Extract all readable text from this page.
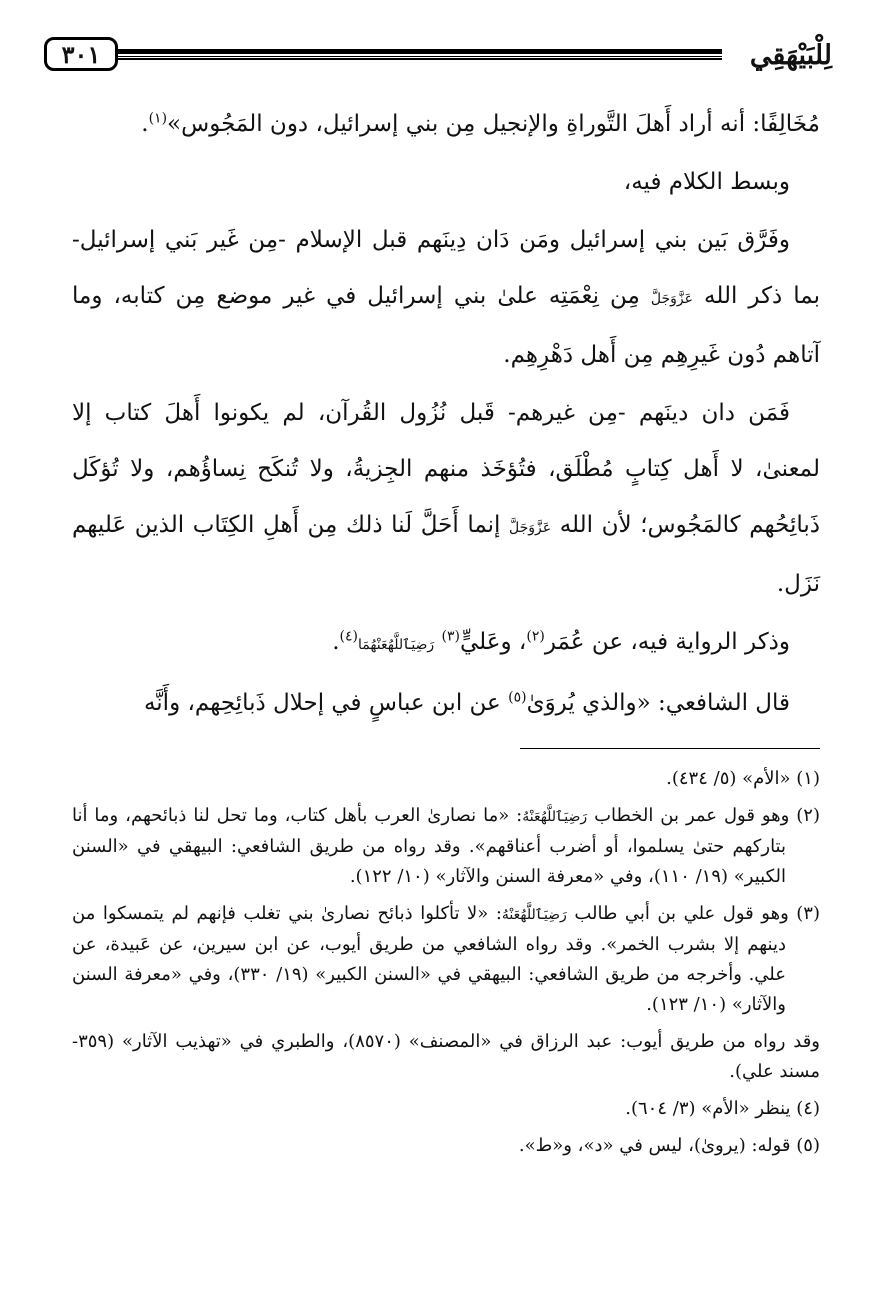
لِلْبَيْهَقِي
٣٠١

مُخَالِفًا: أنه أراد أَهلَ التَّوراةِ والإنجيل مِن بني إسرائيل، دون المَجُوس»$^{(١)}$.

وبسط الكلام فيه،

وفَرَّق بَين بني إسرائيل ومَن دَان دِينَهم قبل الإسلام -مِن غَير بَني إسرائيل- بما ذكر الله عَزَّوَجَلَّ مِن نِعْمَتِه علىٰ بني إسرائيل في غير موضع مِن كتابه، وما آتاهم دُون غَيرِهِم مِن أَهل دَهْرِهِم.

فَمَن دان دينَهم -مِن غيرهم- قَبل نُزُول القُرآن، لم يكونوا أَهلَ كتاب إلا لمعنىٰ، لا أَهل كِتابٍ مُطْلَق، فتُؤخَذ منهم الجِزيةُ، ولا تُنكَح نِساؤُهم، ولا تُؤكَل ذَبائِحُهم كالمَجُوس؛ لأن الله عَزَّوَجَلَّ إنما أَحَلَّ لَنا ذلك مِن أَهلِ الكِتَاب الذين عَليهم نَزَل.

وذكر الرواية فيه، عن عُمَر$^{(٢)}$، وعَليٍّ$^{(٣)}$ رَضِيَٱللَّهُعَنْهُمَا$^{(٤)}$.

قال الشافعي: «والذي يُروَىٰ$^{(٥)}$ عن ابن عباسٍ في إحلال ذَبائِحِهم، وأَنَّه

(١) «الأم» (٥/ ٤٣٤).

(٢) وهو قول عمر بن الخطاب رَضِيَٱللَّهُعَنْهُ: «ما نصارىٰ العرب بأهل كتاب، وما تحل لنا ذبائحهم، وما أنا بتاركهم حتىٰ يسلموا، أو أضرب أعناقهم». وقد رواه من طريق الشافعي: البيهقي في «السنن الكبير» (١٩/ ١١٠)، وفي «معرفة السنن والآثار» (١٠/ ١٢٢).

(٣) وهو قول علي بن أبي طالب رَضِيَٱللَّهُعَنْهُ: «لا تأكلوا ذبائح نصارىٰ بني تغلب فإنهم لم يتمسكوا من دينهم إلا بشرب الخمر». وقد رواه الشافعي من طريق أيوب، عن ابن سيرين، عن عَبيدة، عن علي. وأخرجه من طريق الشافعي: البيهقي في «السنن الكبير» (١٩/ ٣٣٠)، وفي «معرفة السنن والآثار» (١٠/ ١٢٣).

وقد رواه من طريق أيوب: عبد الرزاق في «المصنف» (٨٥٧٠)، والطبري في «تهذيب الآثار» (٣٥٩- مسند علي).

(٤) ينظر «الأم» (٣/ ٦٠٤).

(٥) قوله: (يروىٰ)، ليس في «د»، و«ط».
